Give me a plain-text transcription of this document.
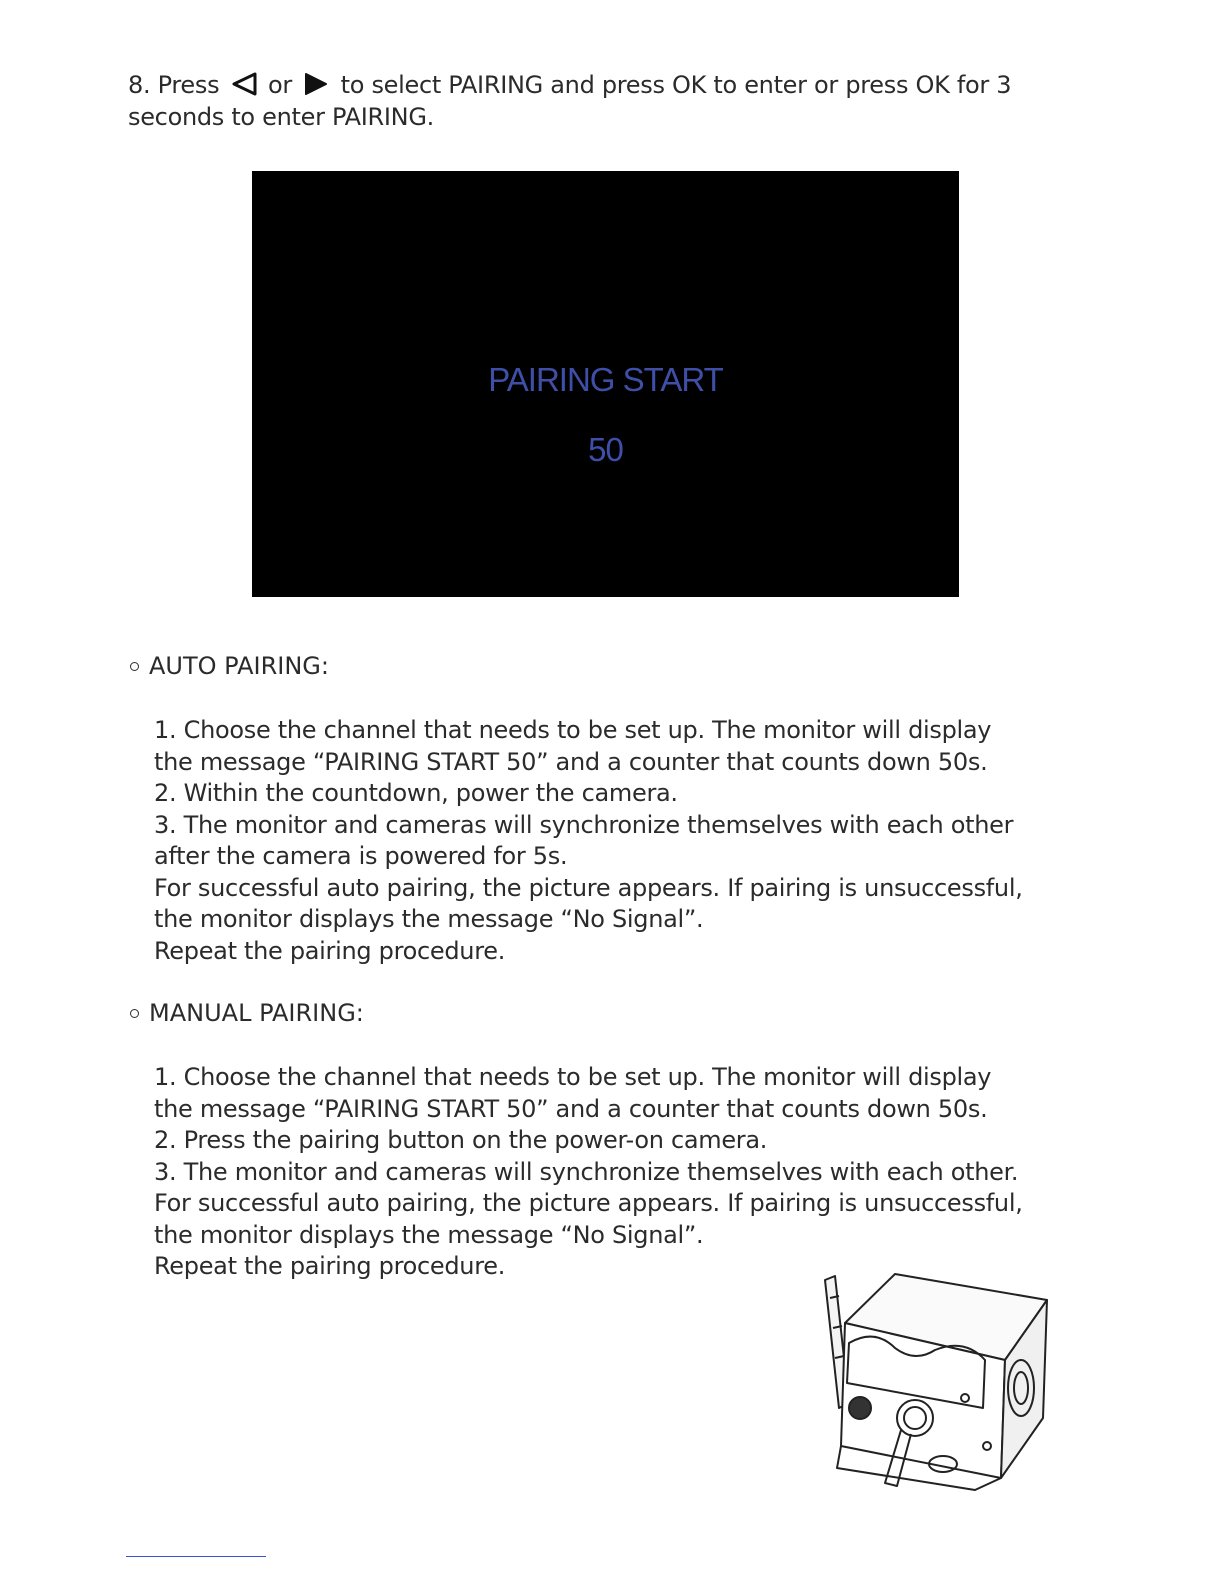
8. Press or to select PAIRING and press OK to enter or press OK for 3 seconds to enter PAIRING.
PAIRING START
50
AUTO PAIRING:

1. Choose the channel that needs to be set up. The monitor will display

the message “PAIRING START 50” and a counter that counts down 50s.

2. Within the countdown, power the camera.

3. The monitor and cameras will synchronize themselves with each other

after the camera is powered for 5s.

For successful auto pairing, the picture appears. If pairing is unsuccessful,

the monitor displays the message “No Signal”.

Repeat the pairing procedure.

MANUAL PAIRING:

1. Choose the channel that needs to be set up. The monitor will display

the message “PAIRING START 50” and a counter that counts down 50s.

2. Press the pairing button on the power-on camera.

3. The monitor and cameras will synchronize themselves with each other.

For successful auto pairing, the picture appears. If pairing is unsuccessful,

the monitor displays the message “No Signal”.

Repeat the pairing procedure.
